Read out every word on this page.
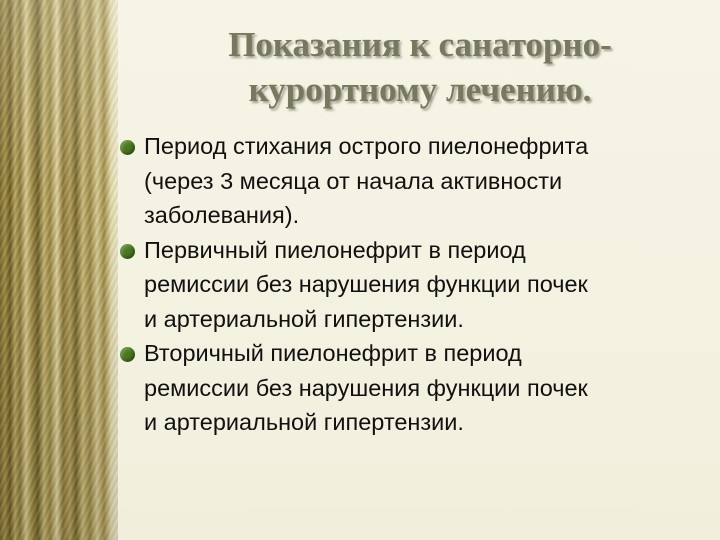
Показания к санаторно-
курортному лечению.
Период стихания острого пиелонефрита
(через 3 месяца от начала активности
заболевания).
Первичный пиелонефрит в период
ремиссии без нарушения функции почек
и артериальной гипертензии.
Вторичный пиелонефрит в период
ремиссии без нарушения функции почек
и артериальной гипертензии.
